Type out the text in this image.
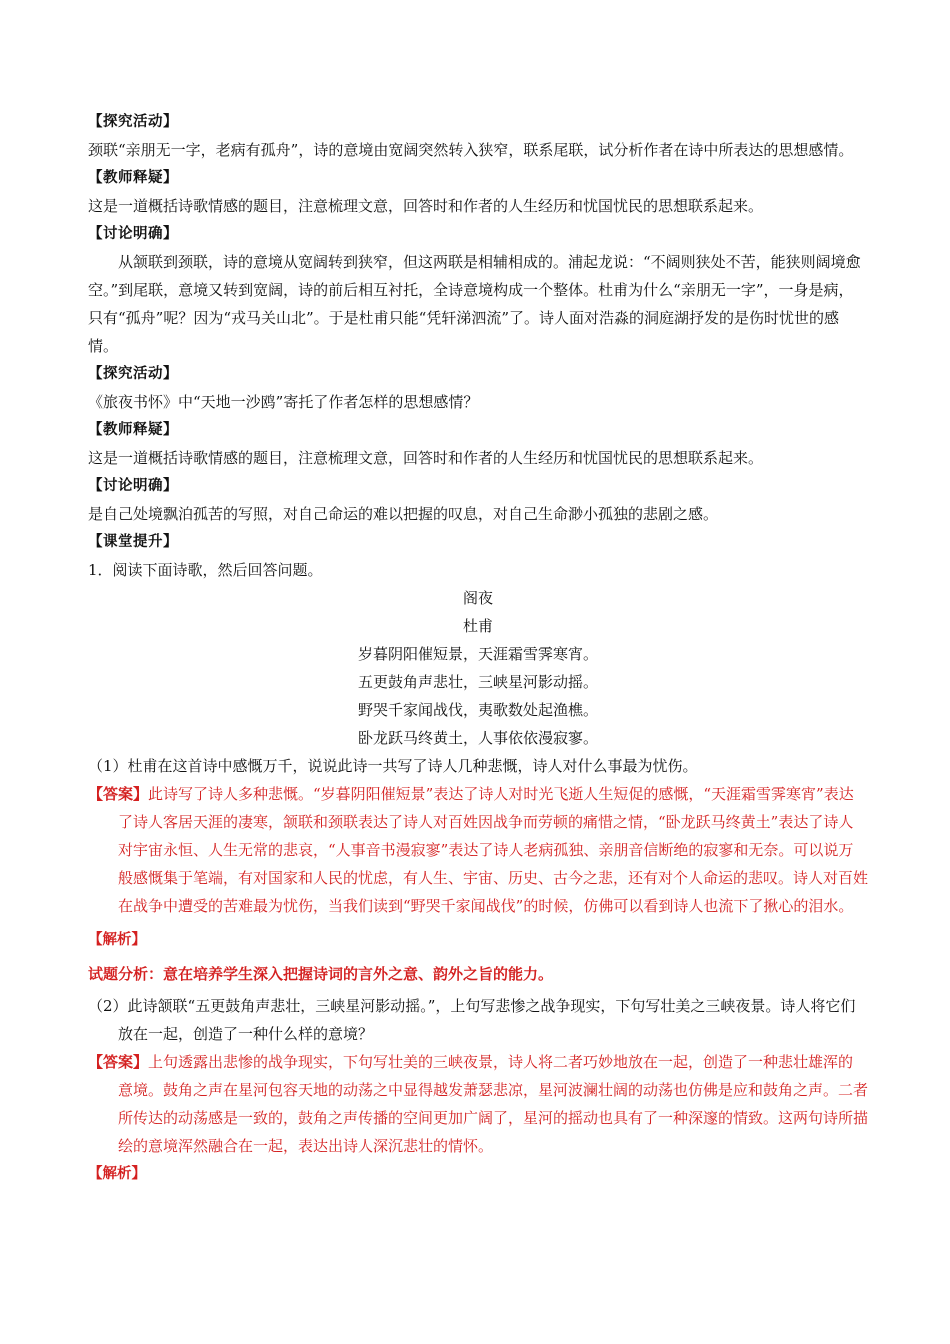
【探究活动】

颈联“亲朋无一字，老病有孤舟”，诗的意境由宽阔突然转入狭窄，联系尾联，试分析作者在诗中所表达的思想感情。

【教师释疑】

这是一道概括诗歌情感的题目，注意梳理文意，回答时和作者的人生经历和忧国忧民的思想联系起来。

【讨论明确】

从颔联到颈联，诗的意境从宽阔转到狭窄，但这两联是相辅相成的。浦起龙说：“不阔则狭处不苦，能狭则阔境愈空。”到尾联，意境又转到宽阔，诗的前后相互衬托，全诗意境构成一个整体。杜甫为什么“亲朋无一字”，一身是病，只有“孤舟”呢？因为“戎马关山北”。于是杜甫只能“凭轩涕泗流”了。诗人面对浩淼的洞庭湖抒发的是伤时忧世的感情。

【探究活动】

《旅夜书怀》中“天地一沙鸥”寄托了作者怎样的思想感情？

【教师释疑】

这是一道概括诗歌情感的题目，注意梳理文意，回答时和作者的人生经历和忧国忧民的思想联系起来。

【讨论明确】

是自己处境飘泊孤苦的写照，对自己命运的难以把握的叹息，对自己生命渺小孤独的悲剧之感。

【课堂提升】

1．阅读下面诗歌，然后回答问题。

阁夜
杜甫
岁暮阴阳催短景，天涯霜雪霁寒宵。
五更鼓角声悲壮，三峡星河影动摇。
野哭千家闻战伐，夷歌数处起渔樵。
卧龙跃马终黄土，人事依依漫寂寥。

（1）杜甫在这首诗中感慨万千，说说此诗一共写了诗人几种悲慨，诗人对什么事最为忧伤。

【答案】此诗写了诗人多种悲慨。“岁暮阴阳催短景”表达了诗人对时光飞逝人生短促的感慨，“天涯霜雪霁寒宵”表达了诗人客居天涯的凄寒，颔联和颈联表达了诗人对百姓因战争而劳顿的痛惜之情，“卧龙跃马终黄土”表达了诗人对宇宙永恒、人生无常的悲哀，“人事音书漫寂寥”表达了诗人老病孤独、亲朋音信断绝的寂寥和无奈。可以说万般感慨集于笔端，有对国家和人民的忧虑，有人生、宇宙、历史、古今之悲，还有对个人命运的悲叹。诗人对百姓在战争中遭受的苦难最为忧伤，当我们读到“野哭千家闻战伐”的时候，仿佛可以看到诗人也流下了揪心的泪水。

【解析】
试题分析：意在培养学生深入把握诗词的言外之意、韵外之旨的能力。

（2）此诗颔联“五更鼓角声悲壮，三峡星河影动摇。”，上句写悲惨之战争现实，下句写壮美之三峡夜景。诗人将它们放在一起，创造了一种什么样的意境？

【答案】上句透露出悲惨的战争现实，下句写壮美的三峡夜景，诗人将二者巧妙地放在一起，创造了一种悲壮雄浑的意境。鼓角之声在星河包容天地的动荡之中显得越发萧瑟悲凉，星河波澜壮阔的动荡也仿佛是应和鼓角之声。二者所传达的动荡感是一致的，鼓角之声传播的空间更加广阔了，星河的摇动也具有了一种深邃的情致。这两句诗所描绘的意境浑然融合在一起，表达出诗人深沉悲壮的情怀。

【解析】
